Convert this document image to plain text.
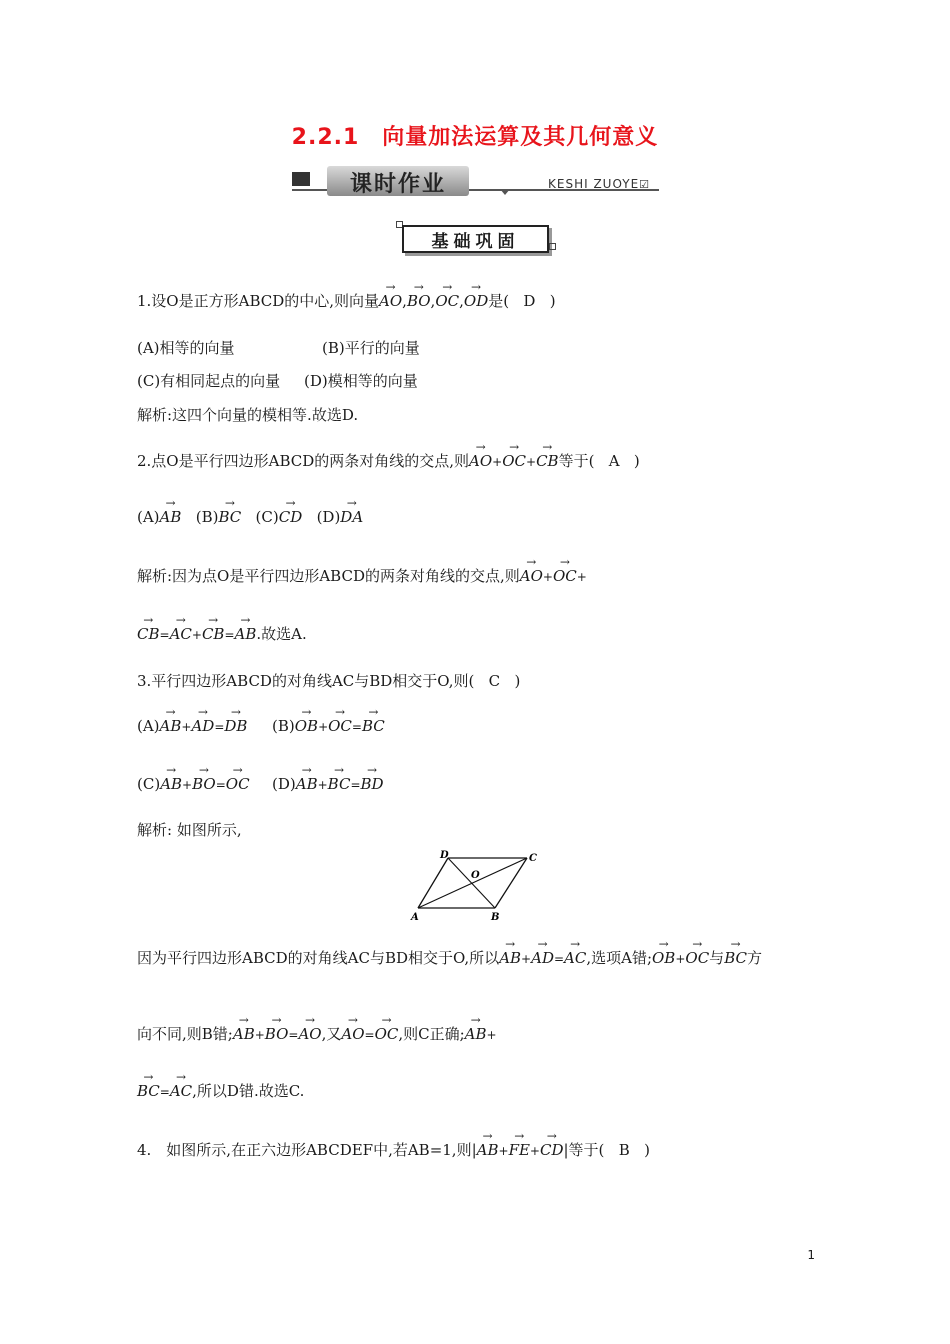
2.2.1　向量加法运算及其几何意义
课时作业	KESHI ZUOYE☑
基础巩固
1.设O是正方形ABCD的中心,则向量→ AO,→ BO,→ OC,→ OD是( D )
(A)相等的向量	(B)平行的向量
(C)有相同起点的向量 (D)模相等的向量
解析:这四个向量的模相等.故选D.
2.点O是平行四边形ABCD的两条对角线的交点,则→ AO+→ OC+→ CB等于( A )
(A)→ AB (B)→ BC (C)→ CD (D)→ DA
解析:因为点O是平行四边形ABCD的两条对角线的交点,则→ AO+→ OC+
→ CB=→ AC+→ CB=→ AB.故选A.
3.平行四边形ABCD的对角线AC与BD相交于O,则( C )
(A)→ AB+→ AD=→ DB (B)→ OB+→ OC=→ BC
(C)→ AB+→ BO=→ OC (D)→ AB+→ BC=→ BD
解析: 如图所示,
A	B
C
D
O
因为平行四边形ABCD的对角线AC与BD相交于O,所以→ AB+→ AD=→ AC,选项A错;→ OB+→ OC与→ BC方
向不同,则B错;→ AB+→ BO=→ AO,又→ AO=→ OC,则C正确;→ AB+
→ BC=→ AC,所以D错.故选C.
4.　如图所示,在正六边形ABCDEF中,若AB=1,则|→ AB+→ FE+→ CD|等于( B )
1
